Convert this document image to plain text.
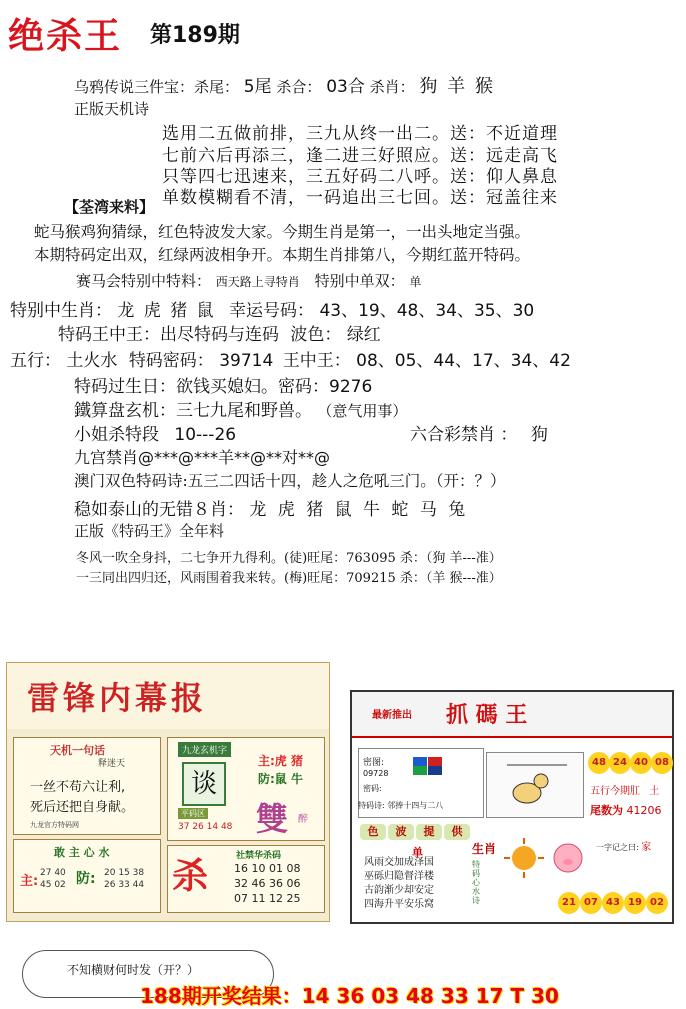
绝杀王 第189期
乌鸦传说三件宝：杀尾： 5尾 杀合： 03合 杀肖： 狗 羊 猴
正版天机诗
选用二五做前排，三九从终一出二。送：不近道理
七前六后再添三，逢二进三好照应。送：远走高飞
只等四七迅速来，三五好码二八呼。送：仰人鼻息
单数模糊看不清，一码追出三七回。送：冠盖往来
【荃湾来料】
蛇马猴鸡狗猜绿，红色特波发大家。今期生肖是第一，一出头地定当强。
本期特码定出双，红绿两波相争开。本期生肖排第八，今期红蓝开特码。
赛马会特别中特料： 西天路上寻特肖 特别中单双： 单
特别中生肖： 龙 虎 猪 鼠 幸运号码： 43、19、48、34、35、30
特码王中王：出尽特码与连码 波色： 绿红
五行： 土火水 特码密码： 39714 王中王： 08、05、44、17、34、42
特码过生日：欲钱买媳妇。密码：9276
鐵算盘玄机：三七九尾和野兽。 （意气用事）
小姐杀特段 10---26	六合彩禁肖 ： 狗
九宫禁肖@***@***羊**@**对**@
澳门双色特码诗:五三二四话十四，趁人之危吼三门。（开：？）
稳如泰山的无错８肖： 龙 虎 猪 鼠 牛 蛇 马 兔
正版《特码王》全年料
冬风一吹全身抖，二七争开九得利。(徒)旺尾：763095 杀：（狗 羊---准）
一三同出四归还，风雨围着我来转。(梅)旺尾：709215 杀：（羊 猴---准）
雷锋内幕报
天机一句话
释迷天
一丝不苟六让利,
死后还把自身献。
九龙官方特码网
敢 主 心 水
主:
27 40
45 02 防: 20 15 38
26 33 44
九龙玄机字
谈
平码区
37 26 14 48
主:虎 猪
防:鼠 牛
雙 醉
杀	社禁华杀码
16 10 01 08
32 46 36 06
07 11 12 25
最新推出 抓 碼 王
密图:
09728
密码:
特码诗: 邻捧十四与二八
48 24 40 08
五行今期肛 土
尾数为 41206
色	波	提	供
单	生肖
特码心水诗
风雨交加成泽国
巫砾归隐督洋楼
古韵渐少却安定
四海升平安乐窝
一字记之曰: 家
21 07 43 19 02
不知横财何时发（开？）
188期开奖结果：14 36 03 48 33 17 T 30
